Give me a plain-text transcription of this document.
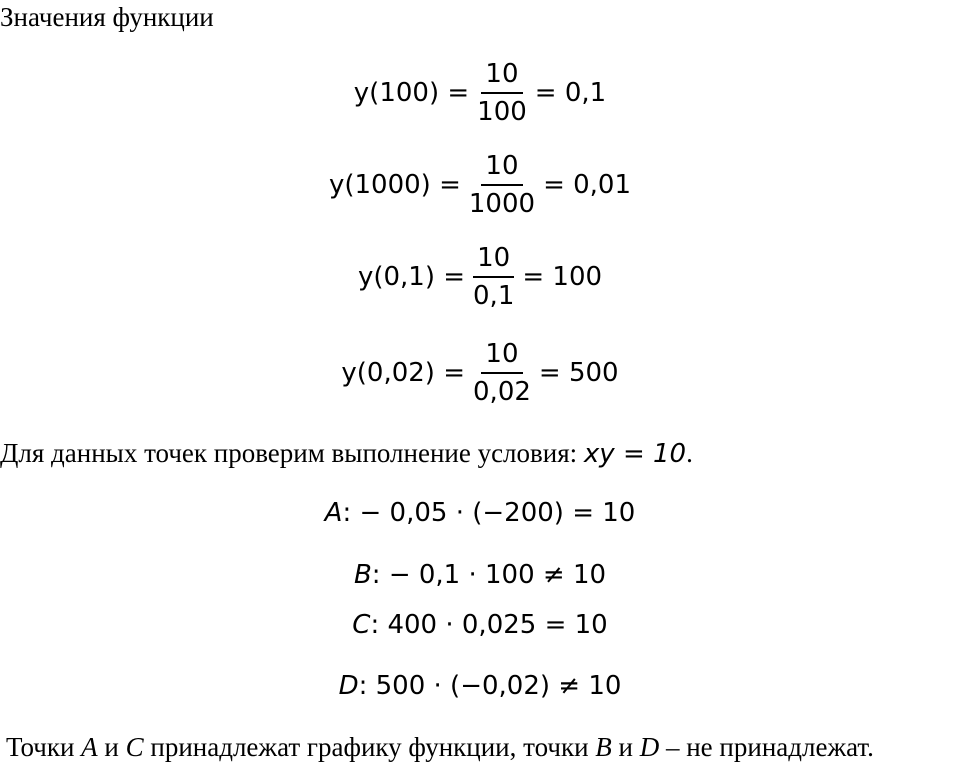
Значения функции
$y(100) = \frac{10}{100} = 0,1$
$y(1000) = \frac{10}{1000} = 0,01$
$y(0,1) = \frac{10}{0,1} = 100$
$y(0,02) = \frac{10}{0,02} = 500$
Для данных точек проверим выполнение условия: xy = 10.
A : − 0,05 · (−200) = 10
B : − 0,1 · 100 ≠ 10
C : 400 · 0,025 = 10
D : 500 · (−0,02) ≠ 10
Точки A и C принадлежат графику функции, точки B и D – не принадлежат.
